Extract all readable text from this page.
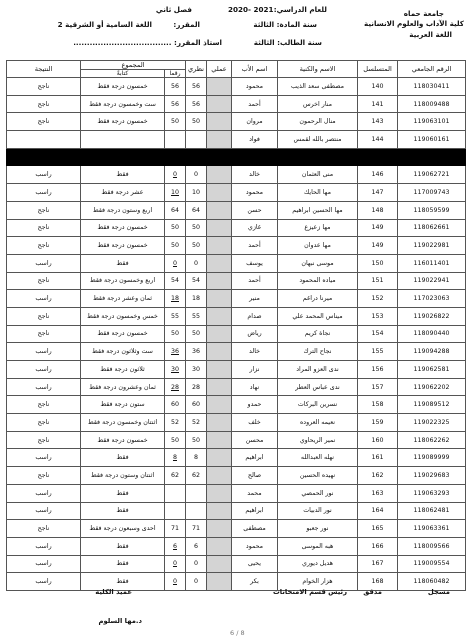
جامعة حماه
كلية الآداب والعلوم الانسانية
اللغة العربية
للعام الدراسي:
2020- 2021
فصل ثاني
سنة المادة: الثالثة
المقرر:
اللغة السامية أو الشرقية 2
سنة الطالب: الثالثة
استاذ المقرر: ....................................
الرقم الجامعي	المتسلسل	الاسم والكنية	اسم الأب	عملي	نظري	المجموع		النتيجة
						رقماً	كتابةً	
118030411	140	مصطفى سعد الذيب	محمود		56	56	خمسون درجة فقط	ناجح
118009488	141	منار اخرس	أحمد		56	56	ست وخمسون درجة فقط	ناجح
119063101	143	منال الرحمون	مروان		50	50	خمسون درجة فقط	ناجح
119060161	144	منتصر بالله لقمس	فواد					

119062721	146	منى العثمان	خالد		0	0	فقط	راسب
117009743	147	مها الحايك	محمود		10	10	عشر درجة فقط	راسب
118059599	148	مها الحسين ابراهيم	حسن		64	64	اربع وستون درجة فقط	ناجح
118062661	149	مها زعيزع	غازي		50	50	خمسون درجة فقط	ناجح
119022981	149	مها عدوان	أحمد		50	50	خمسون درجة فقط	ناجح
116011401	150	موسى نبهان	يوسف		0	0	فقط	راسب
119022941	151	مياده المحمود	أحمد		54	54	اربع وخمسون درجة فقط	ناجح
117023063	152	ميرنا دراغم	منير		18	18	ثمان وعشر درجة فقط	راسب
119026822	153	ميناس المحمد علي	صدام		55	55	خمس وخمسون درجة فقط	ناجح
118090440	154	نجاة كريم	رياض		50	50	خمسون درجة فقط	ناجح
119094288	155	نجاح الترك	خالد		36	36	ست وثلاثون درجة فقط	راسب
119062581	156	ندى العزو المراد	نزار		30	30	ثلاثون درجة فقط	راسب
119062202	157	ندى عباس العطر	نهاد		28	28	ثمان وعشرون درجة فقط	راسب
119089512	158	نسرين البركات	حمدو		60	60	ستون درجة فقط	ناجح
119022325	159	نعيمه العروده	خلف		52	52	اثنتان وخمسون درجة فقط	ناجح
118062262	160	نمير الريحاوي	محسن		50	50	خمسون درجة فقط	ناجح
119089999	161	نهله العبدالله	ابراهيم		8	8	فقط	راسب
119029683	162	نهيده الحسين	صالح		62	62	اثنتان وستون درجة فقط	ناجح
119063293	163	نور الحمصي	محمد				فقط	راسب
118062481	164	نور الدبيات	ابراهيم				فقط	راسب
119063361	165	نور جعبو	مصطفى		71	71	احدى وسبعون درجة فقط	ناجح
118009566	166	هبه الموسى	محمود		6	6	فقط	راسب
119009554	167	هديل ديوري	يحيى		0	0	فقط	راسب
118060482	168	هزار الخوام	بكر		0	0	فقط	راسب
مسجل
مدقق
رئيس قسم الامتحانات
عميد الكلية
د.مها السلوم
6 / 8
